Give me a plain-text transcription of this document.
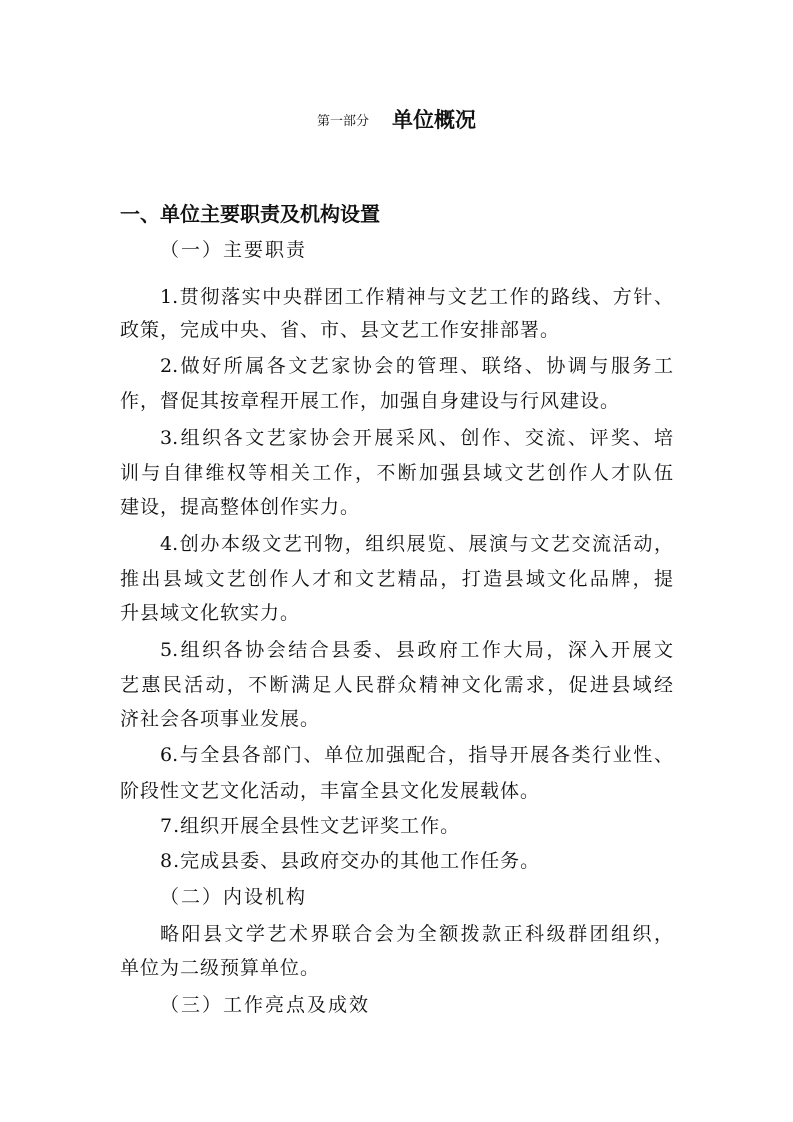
第一部分 单位概况
一、单位主要职责及机构设置
（一）主要职责
1.贯彻落实中央群团工作精神与文艺工作的路线、方针、
政策，完成中央、省、市、县文艺工作安排部署。
2.做好所属各文艺家协会的管理、联络、协调与服务工
作，督促其按章程开展工作，加强自身建设与行风建设。
3.组织各文艺家协会开展采风、创作、交流、评奖、培
训与自律维权等相关工作，不断加强县域文艺创作人才队伍
建设，提高整体创作实力。
4.创办本级文艺刊物，组织展览、展演与文艺交流活动，
推出县域文艺创作人才和文艺精品，打造县域文化品牌，提
升县域文化软实力。
5.组织各协会结合县委、县政府工作大局，深入开展文
艺惠民活动，不断满足人民群众精神文化需求，促进县域经
济社会各项事业发展。
6.与全县各部门、单位加强配合，指导开展各类行业性、
阶段性文艺文化活动，丰富全县文化发展载体。
7.组织开展全县性文艺评奖工作。
8.完成县委、县政府交办的其他工作任务。
（二）内设机构
略阳县文学艺术界联合会为全额拨款正科级群团组织，
单位为二级预算单位。
（三）工作亮点及成效
